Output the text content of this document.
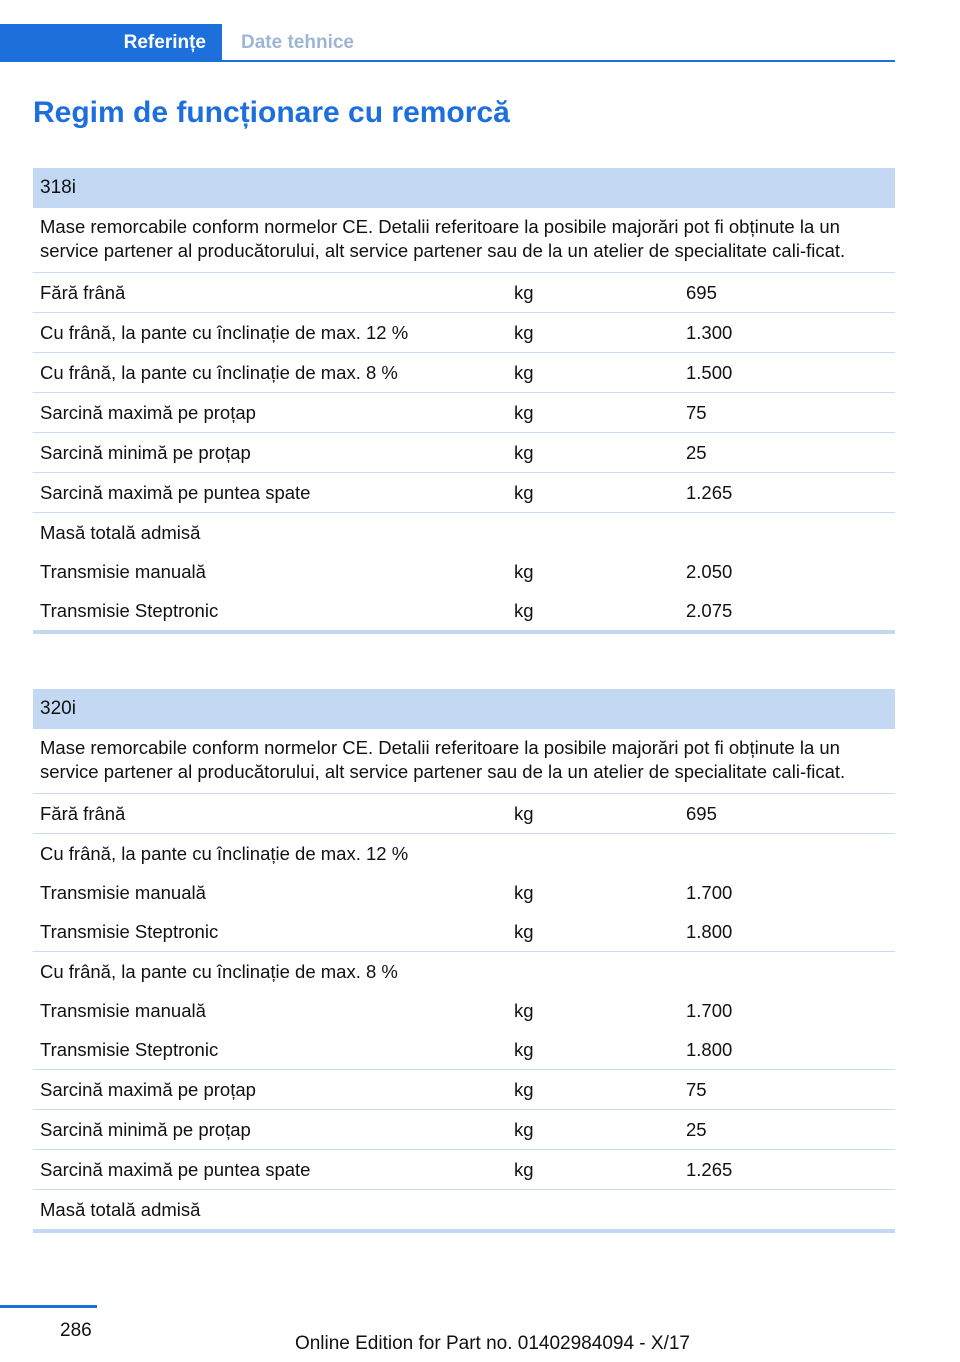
Referințe	Date tehnice
Regim de funcționare cu remorcă
318i
Mase remorcabile conform normelor CE. Detalii referitoare la posibile majorări pot fi obținute la un service partener al producătorului, alt service partener sau de la un atelier de specialitate cali-ficat.
Fără frână	kg	695
Cu frână, la pante cu înclinație de max. 12 %	kg	1.300
Cu frână, la pante cu înclinație de max. 8 %	kg	1.500
Sarcină maximă pe proțap	kg	75
Sarcină minimă pe proțap	kg	25
Sarcină maximă pe puntea spate	kg	1.265
Masă totală admisă
Transmisie manuală	kg	2.050
Transmisie Steptronic	kg	2.075
320i
Mase remorcabile conform normelor CE. Detalii referitoare la posibile majorări pot fi obținute la un service partener al producătorului, alt service partener sau de la un atelier de specialitate cali-ficat.
Fără frână	kg	695
Cu frână, la pante cu înclinație de max. 12 %
Transmisie manuală	kg	1.700
Transmisie Steptronic	kg	1.800
Cu frână, la pante cu înclinație de max. 8 %
Transmisie manuală	kg	1.700
Transmisie Steptronic	kg	1.800
Sarcină maximă pe proțap	kg	75
Sarcină minimă pe proțap	kg	25
Sarcină maximă pe puntea spate	kg	1.265
Masă totală admisă
286
Online Edition for Part no. 01402984094 - X/17
